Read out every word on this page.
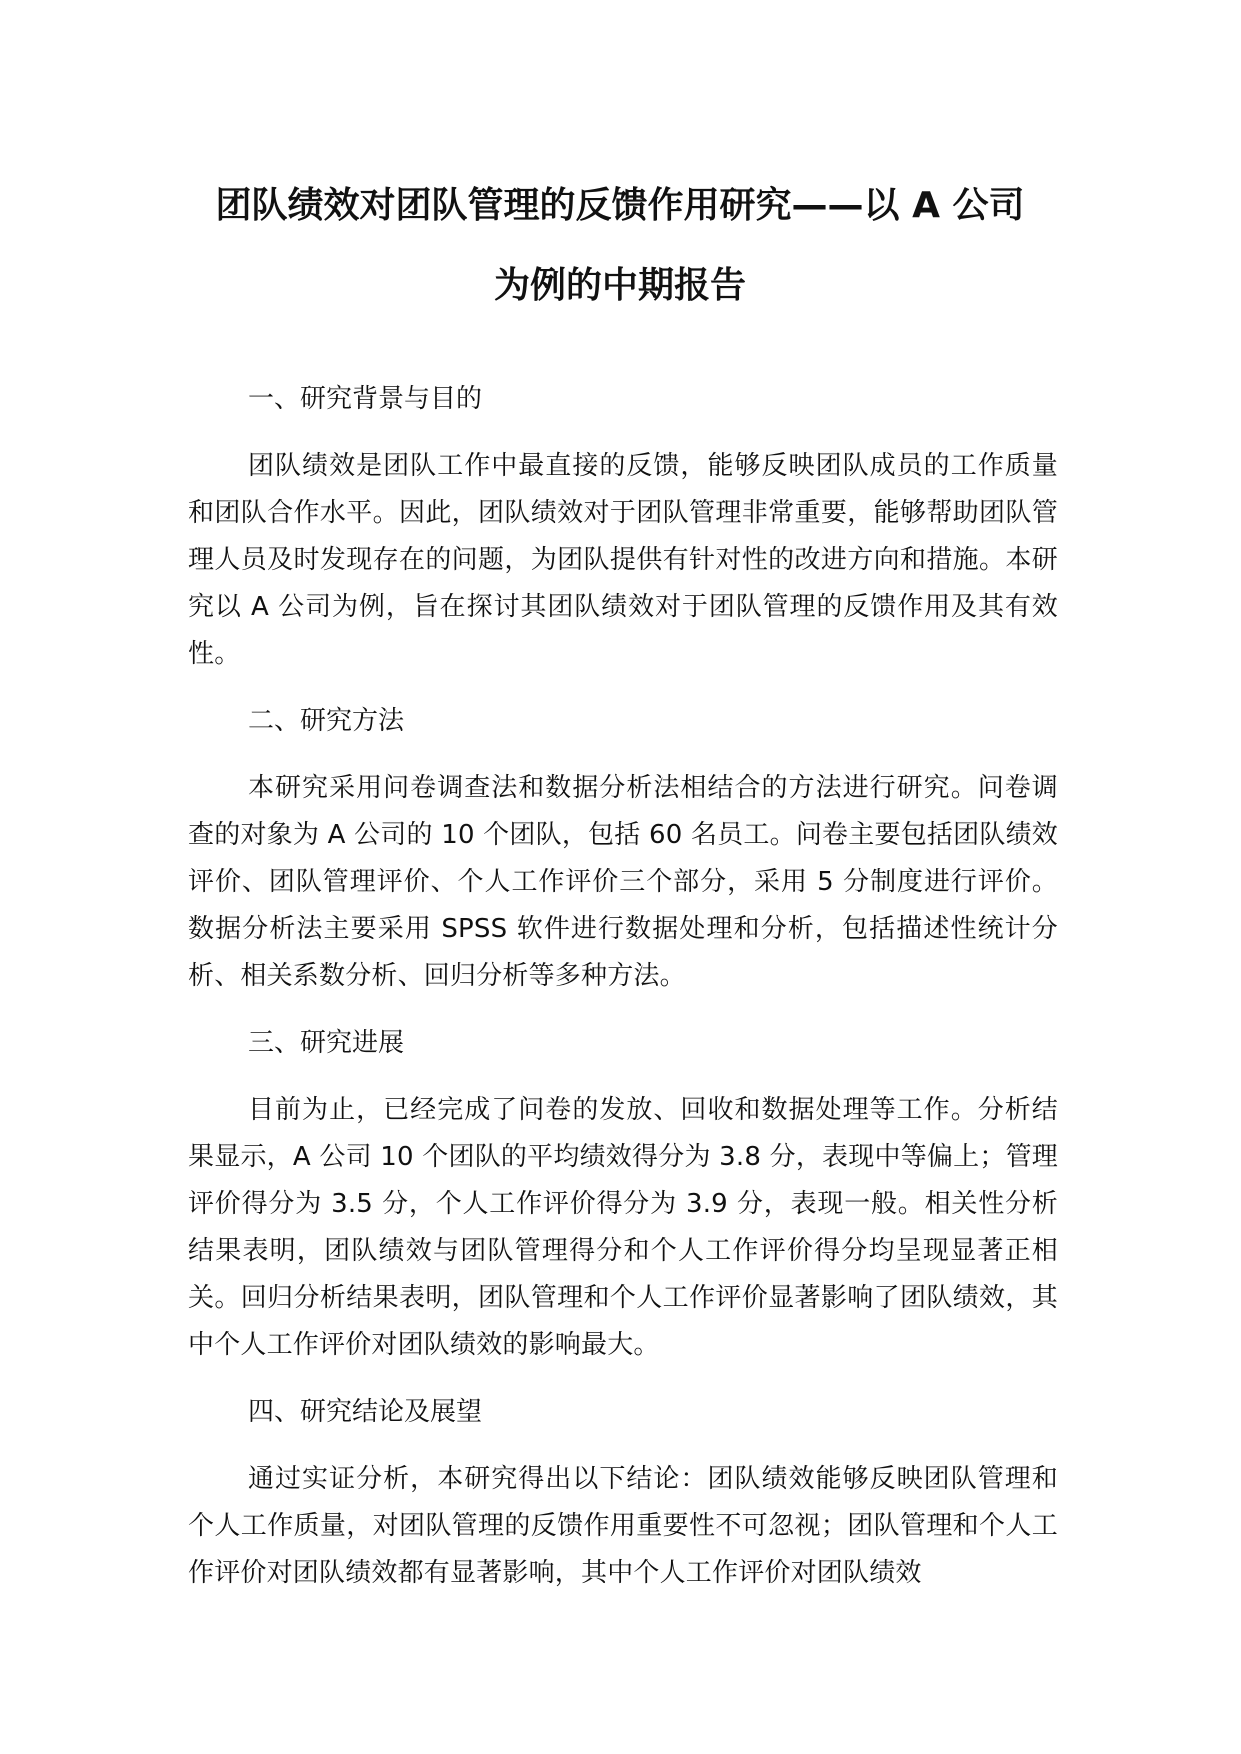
团队绩效对团队管理的反馈作用研究——以 A 公司
为例的中期报告
一、研究背景与目的
团队绩效是团队工作中最直接的反馈，能够反映团队成员的工作质量和团队合作水平。因此，团队绩效对于团队管理非常重要，能够帮助团队管理人员及时发现存在的问题，为团队提供有针对性的改进方向和措施。本研究以 A 公司为例，旨在探讨其团队绩效对于团队管理的反馈作用及其有效性。
二、研究方法
本研究采用问卷调查法和数据分析法相结合的方法进行研究。问卷调查的对象为 A 公司的 10 个团队，包括 60 名员工。问卷主要包括团队绩效评价、团队管理评价、个人工作评价三个部分，采用 5 分制度进行评价。数据分析法主要采用 SPSS 软件进行数据处理和分析，包括描述性统计分析、相关系数分析、回归分析等多种方法。
三、研究进展
目前为止，已经完成了问卷的发放、回收和数据处理等工作。分析结果显示，A 公司 10 个团队的平均绩效得分为 3.8 分，表现中等偏上；管理评价得分为 3.5 分，个人工作评价得分为 3.9 分，表现一般。相关性分析结果表明，团队绩效与团队管理得分和个人工作评价得分均呈现显著正相关。回归分析结果表明，团队管理和个人工作评价显著影响了团队绩效，其中个人工作评价对团队绩效的影响最大。
四、研究结论及展望
通过实证分析，本研究得出以下结论：团队绩效能够反映团队管理和个人工作质量，对团队管理的反馈作用重要性不可忽视；团队管理和个人工作评价对团队绩效都有显著影响，其中个人工作评价对团队绩效
